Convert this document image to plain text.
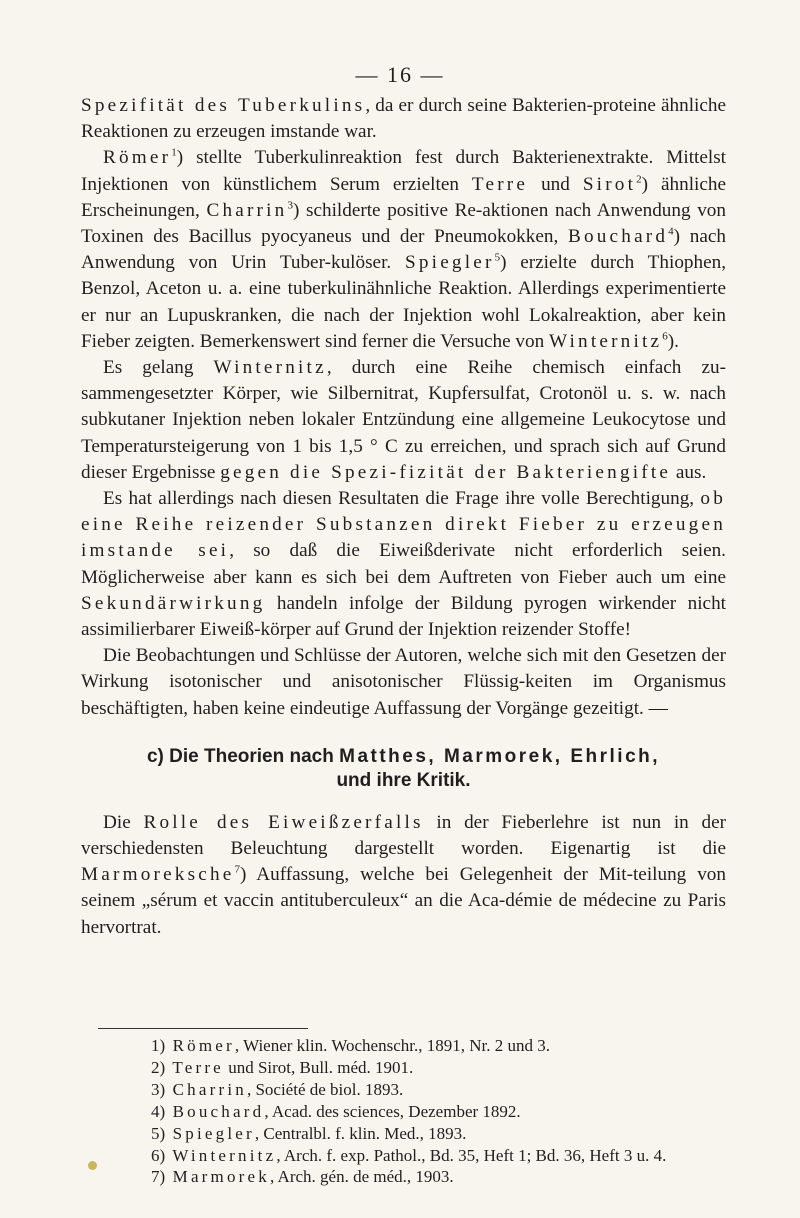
— 16 —

Spezifität des Tuberkulins, da er durch seine Bakterien-proteine ähnliche Reaktionen zu erzeugen imstande war.

Römer$^1$) stellte Tuberkulinreaktion fest durch Bakterienextrakte. Mittelst Injektionen von künstlichem Serum erzielten Terre und Sirot$^2$) ähnliche Erscheinungen, Charrin$^3$) schilderte positive Re-aktionen nach Anwendung von Toxinen des Bacillus pyocyaneus und der Pneumokokken, Bouchard$^4$) nach Anwendung von Urin Tuber-kulöser. Spiegler$^5$) erzielte durch Thiophen, Benzol, Aceton u. a. eine tuberkulinähnliche Reaktion. Allerdings experimentierte er nur an Lupuskranken, die nach der Injektion wohl Lokalreaktion, aber kein Fieber zeigten. Bemerkenswert sind ferner die Versuche von Winternitz$^6$).

Es gelang Winternitz, durch eine Reihe chemisch einfach zu-sammengesetzter Körper, wie Silbernitrat, Kupfersulfat, Crotonöl u. s. w. nach subkutaner Injektion neben lokaler Entzündung eine allgemeine Leukocytose und Temperatursteigerung von 1 bis 1,5 ° C zu erreichen, und sprach sich auf Grund dieser Ergebnisse gegen die Spezi-fizität der Bakteriengifte aus.

Es hat allerdings nach diesen Resultaten die Frage ihre volle Berechtigung, ob eine Reihe reizender Substanzen direkt Fieber zu erzeugen imstande sei, so daß die Eiweißderivate nicht erforderlich seien. Möglicherweise aber kann es sich bei dem Auftreten von Fieber auch um eine Sekundärwirkung handeln infolge der Bildung pyrogen wirkender nicht assimilierbarer Eiweiß-körper auf Grund der Injektion reizender Stoffe!

Die Beobachtungen und Schlüsse der Autoren, welche sich mit den Gesetzen der Wirkung isotonischer und anisotonischer Flüssig-keiten im Organismus beschäftigten, haben keine eindeutige Auffassung der Vorgänge gezeitigt. —

c) Die Theorien nach Matthes, Marmorek, Ehrlich,
und ihre Kritik.

Die Rolle des Eiweißzerfalls in der Fieberlehre ist nun in der verschiedensten Beleuchtung dargestellt worden. Eigenartig ist die Marmoreksche$^7$) Auffassung, welche bei Gelegenheit der Mit-teilung von seinem „sérum et vaccin antituberculeux“ an die Aca-démie de médecine zu Paris hervortrat.

1) Römer, Wiener klin. Wochenschr., 1891, Nr. 2 und 3.
2) Terre und Sirot, Bull. méd. 1901.
3) Charrin, Société de biol. 1893.
4) Bouchard, Acad. des sciences, Dezember 1892.
5) Spiegler, Centralbl. f. klin. Med., 1893.
6) Winternitz, Arch. f. exp. Pathol., Bd. 35, Heft 1; Bd. 36, Heft 3 u. 4.
7) Marmorek, Arch. gén. de méd., 1903.
